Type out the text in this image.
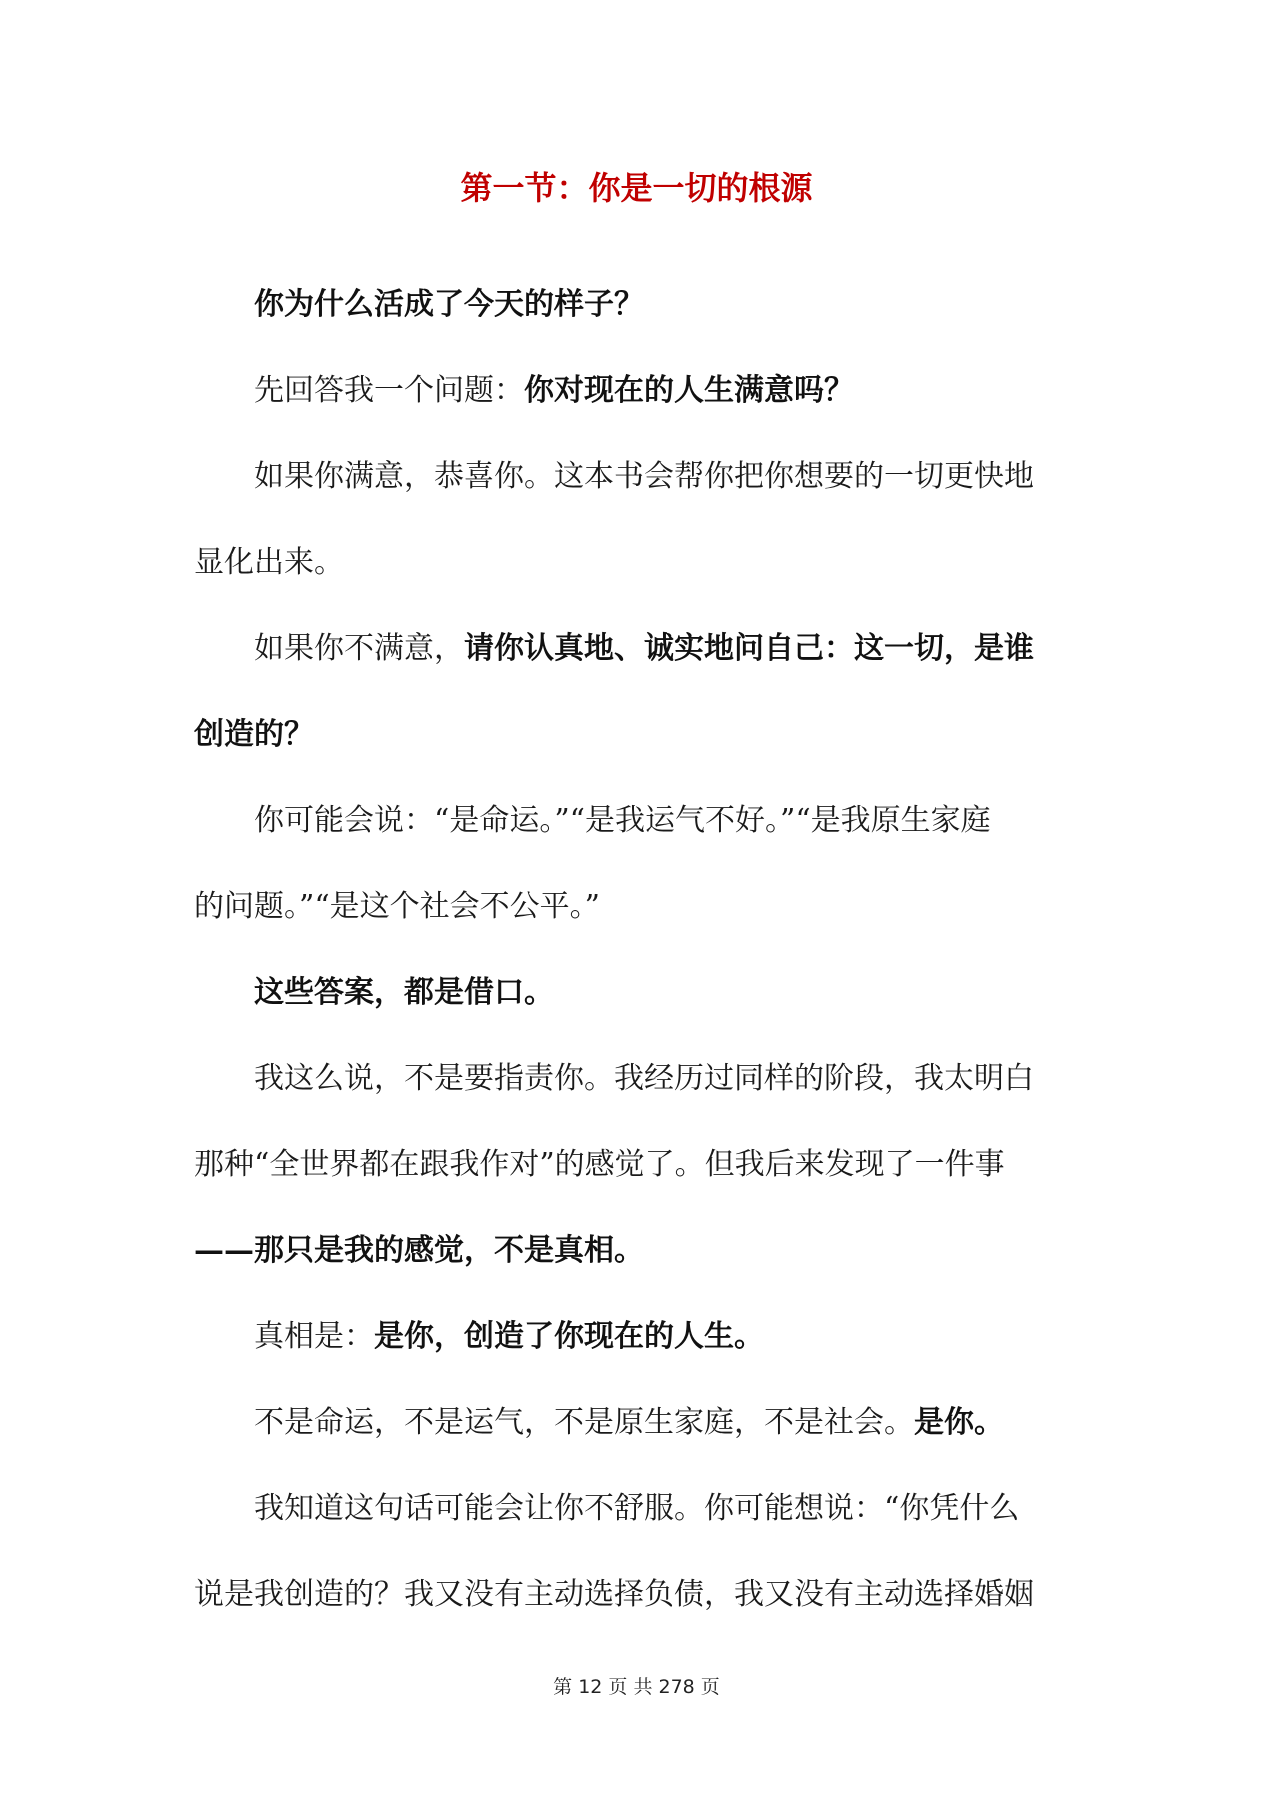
第一节：你是一切的根源

你为什么活成了今天的样子？

先回答我一个问题：你对现在的人生满意吗？

如果你满意，恭喜你。这本书会帮你把你想要的一切更快地
显化出来。
如果你不满意，请你认真地、诚实地问自己：这一切，是谁
创造的？
你可能会说：“是命运。”“是我运气不好。”“是我原生家庭
的问题。”“是这个社会不公平。”

这些答案，都是借口。

我这么说，不是要指责你。我经历过同样的阶段，我太明白
那种“全世界都在跟我作对”的感觉了。但我后来发现了一件事
——那只是我的感觉，不是真相。

真相是：是你，创造了你现在的人生。

不是命运，不是运气，不是原生家庭，不是社会。是你。

我知道这句话可能会让你不舒服。你可能想说：“你凭什么
说是我创造的？我又没有主动选择负债，我又没有主动选择婚姻
第 12 页 共 278 页
